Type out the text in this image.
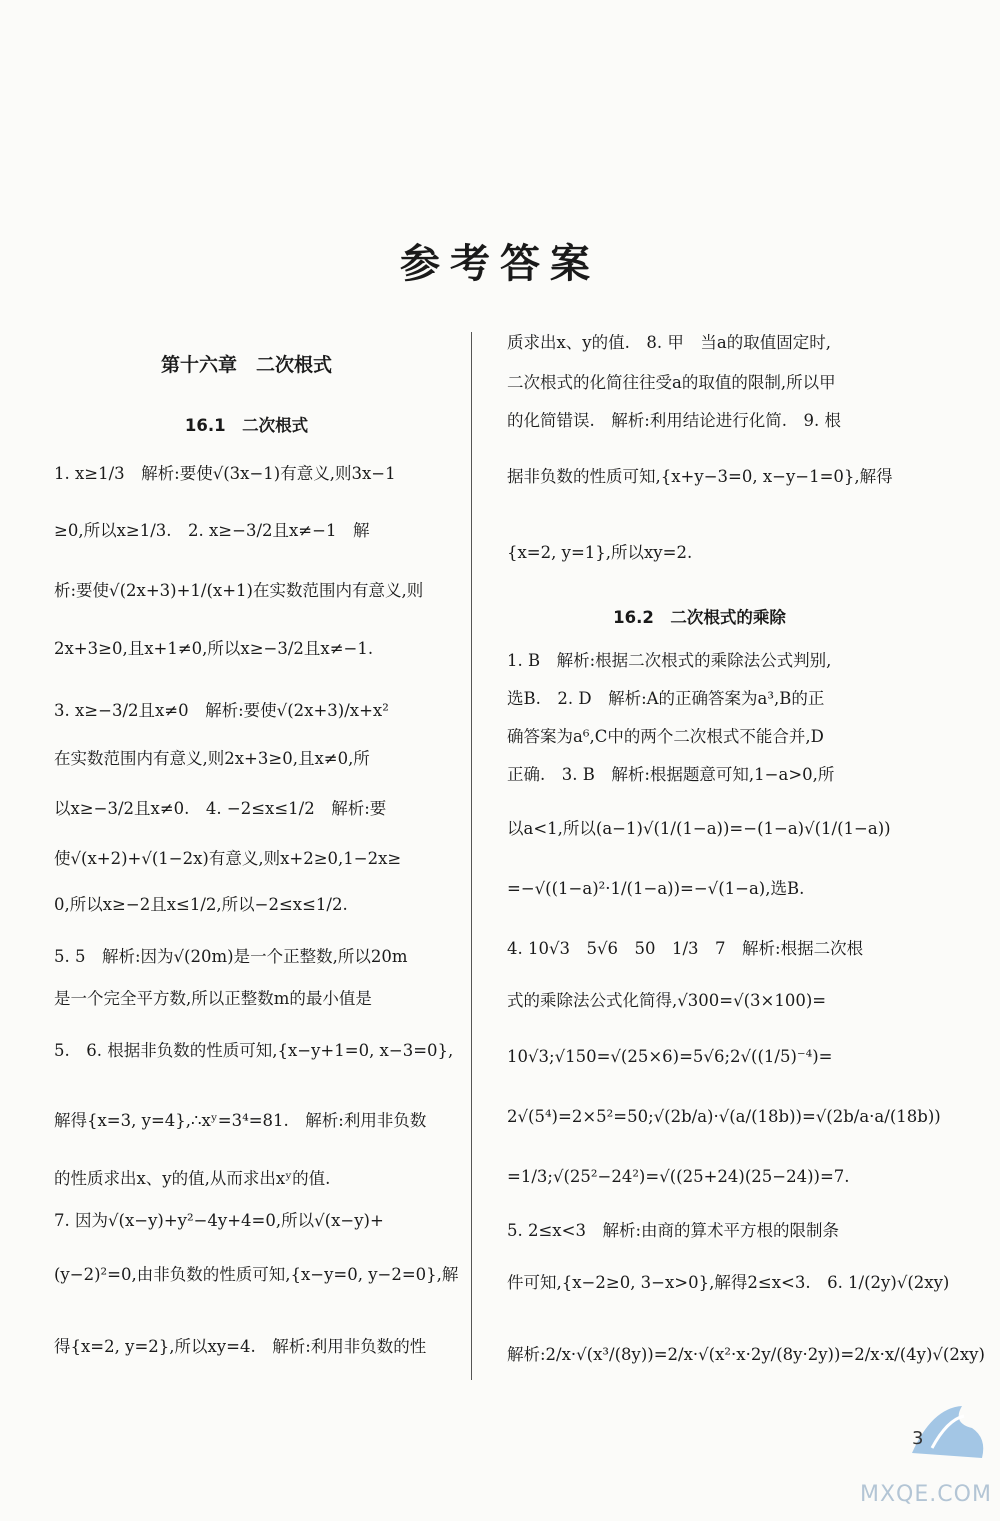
参考答案
第十六章　二次根式
16.1　二次根式
1. x≥1/3　解析:要使√(3x−1)有意义,则3x−1
≥0,所以x≥1/3.　2. x≥−3/2且x≠−1　解
析:要使√(2x+3)+1/(x+1)在实数范围内有意义,则
2x+3≥0,且x+1≠0,所以x≥−3/2且x≠−1.
3. x≥−3/2且x≠0　解析:要使√(2x+3)/x+x²
在实数范围内有意义,则2x+3≥0,且x≠0,所
以x≥−3/2且x≠0.　4. −2≤x≤1/2　解析:要
使√(x+2)+√(1−2x)有意义,则x+2≥0,1−2x≥
0,所以x≥−2且x≤1/2,所以−2≤x≤1/2.
5. 5　解析:因为√(20m)是一个正整数,所以20m
是一个完全平方数,所以正整数m的最小值是
5.　6. 根据非负数的性质可知,{x−y+1=0, x−3=0},
解得{x=3, y=4},∴xʸ=3⁴=81.　解析:利用非负数
的性质求出x、y的值,从而求出xʸ的值.
7. 因为√(x−y)+y²−4y+4=0,所以√(x−y)+
(y−2)²=0,由非负数的性质可知,{x−y=0, y−2=0},解
得{x=2, y=2},所以xy=4.　解析:利用非负数的性
质求出x、y的值.　8. 甲　当a的取值固定时,
二次根式的化简往往受a的取值的限制,所以甲
的化简错误.　解析:利用结论进行化简.　9. 根
据非负数的性质可知,{x+y−3=0, x−y−1=0},解得
{x=2, y=1},所以xy=2.
16.2　二次根式的乘除
1. B　解析:根据二次根式的乘除法公式判别,
选B.　2. D　解析:A的正确答案为a³,B的正
确答案为a⁶,C中的两个二次根式不能合并,D
正确.　3. B　解析:根据题意可知,1−a>0,所
以a<1,所以(a−1)√(1/(1−a))=−(1−a)√(1/(1−a))
=−√((1−a)²·1/(1−a))=−√(1−a),选B.
4. 10√3　5√6　50　1/3　7　解析:根据二次根
式的乘除法公式化简得,√300=√(3×100)=
10√3;√150=√(25×6)=5√6;2√((1/5)⁻⁴)=
2√(5⁴)=2×5²=50;√(2b/a)·√(a/(18b))=√(2b/a·a/(18b))
=1/3;√(25²−24²)=√((25+24)(25−24))=7.
5. 2≤x<3　解析:由商的算术平方根的限制条
件可知,{x−2≥0, 3−x>0},解得2≤x<3.　6. 1/(2y)√(2xy)
解析:2/x·√(x³/(8y))=2/x·√(x²·x·2y/(8y·2y))=2/x·x/(4y)√(2xy)
3
MXQE.COM
